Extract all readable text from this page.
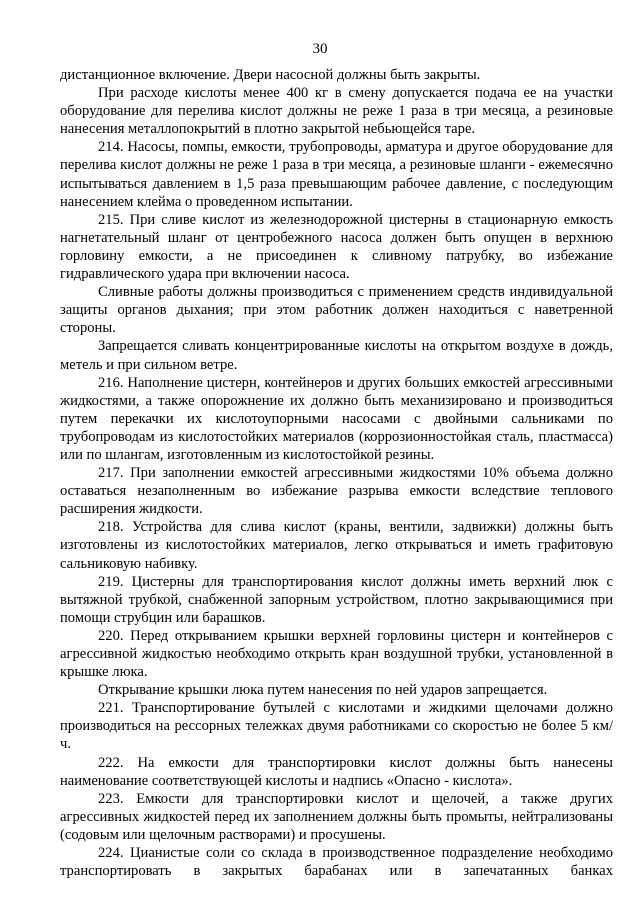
30

дистанционное включение. Двери насосной должны быть закрыты.

При расходе кислоты менее 400 кг в смену допускается подача ее на участки оборудование для перелива кислот должны не реже 1 раза в три месяца, а резиновые нанесения металлопокрытий в плотно закрытой небьющейся таре.

214. Насосы, помпы, емкости, трубопроводы, арматура и другое оборудование для перелива кислот должны не реже 1 раза в три месяца, а резиновые шланги - ежемесячно испытываться давлением в 1,5 раза превышающим рабочее давление, с последующим нанесением клейма о проведенном испытании.

215. При сливе кислот из железнодорожной цистерны в стационарную емкость нагнетательный шланг от центробежного насоса должен быть опущен в верхнюю горловину емкости, а не присоединен к сливному патрубку, во избежание гидравлического удара при включении насоса.

Сливные работы должны производиться с применением средств индивидуальной защиты органов дыхания; при этом работник должен находиться с наветренной стороны.

Запрещается сливать концентрированные кислоты на открытом воздухе в дождь, метель и при сильном ветре.

216. Наполнение цистерн, контейнеров и других больших емкостей агрессивными жидкостями, а также опорожнение их должно быть механизировано и производиться путем перекачки их кислотоупорными насосами с двойными сальниками по трубопроводам из кислотостойких материалов (коррозионностойкая сталь, пластмасса) или по шлангам, изготовленным из кислотостойкой резины.

217. При заполнении емкостей агрессивными жидкостями 10% объема должно оставаться незаполненным во избежание разрыва емкости вследствие теплового расширения жидкости.

218. Устройства для слива кислот (краны, вентили, задвижки) должны быть изготовлены из кислотостойких материалов, легко открываться и иметь графитовую сальниковую набивку.

219. Цистерны для транспортирования кислот должны иметь верхний люк с вытяжной трубкой, снабженной запорным устройством, плотно закрывающимися при помощи струбцин или барашков.

220. Перед открыванием крышки верхней горловины цистерн и контейнеров с агрессивной жидкостью необходимо открыть кран воздушной трубки, установленной в крышке люка.

Открывание крышки люка путем нанесения по ней ударов запрещается.

221. Транспортирование бутылей с кислотами и жидкими щелочами должно производиться на рессорных тележках двумя работниками со скоростью не более 5 км/ч.

222. На емкости для транспортировки кислот должны быть нанесены наименование соответствующей кислоты и надпись «Опасно - кислота».

223. Емкости для транспортировки кислот и щелочей, а также других агрессивных жидкостей перед их заполнением должны быть промыты, нейтрализованы (содовым или щелочным растворами) и просушены.

224. Цианистые соли со склада в производственное подразделение необходимо транспортировать в закрытых барабанах или в запечатанных банках
